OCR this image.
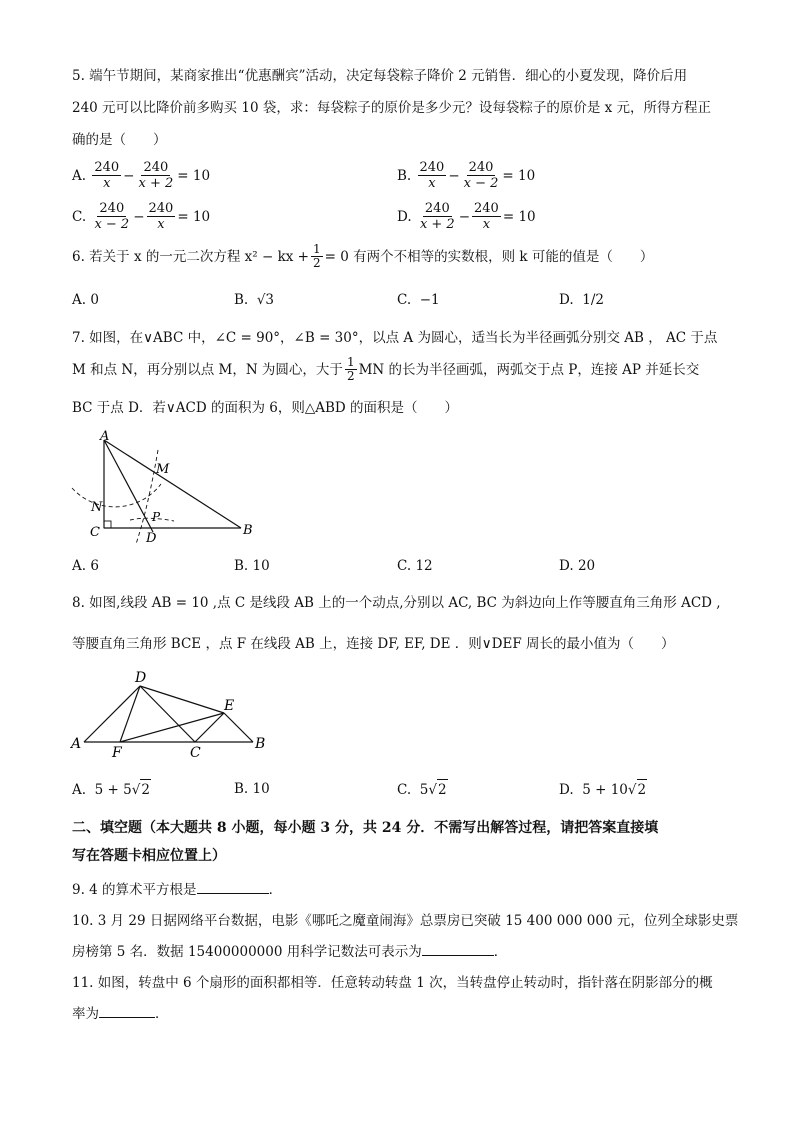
5. 端午节期间，某商家推出“优惠酬宾”活动，决定每袋粽子降价 2 元销售．细心的小夏发现，降价后用
240 元可以比降价前多购买 10 袋，求：每袋粽子的原价是多少元？设每袋粽子的原价是 x 元，所得方程正
确的是（　　）
A.
$\frac{240}{x} - \frac{240}{x + 2} = 10$	B.
$\frac{240}{x} - \frac{240}{x - 2} = 10$
C.
$\frac{240}{x - 2} - \frac{240}{x} = 10$	D.
$\frac{240}{x + 2} - \frac{240}{x} = 10$
6. 若关于 x 的一元二次方程 x² − kx + $\frac{1}{2} = 0$ 有两个不相等的实数根，则 k 可能的值是（　　）
A.
0	B.
√3	C.
−1	D.
1/2
7. 如图，在∨ABC 中，∠C = 90°，∠B = 30°，以点 A 为圆心，适当长为半径画弧分别交 AB ， AC 于点
M 和点 N，再分别以点 M，N 为圆心，大于 $\frac{1}{2}$ MN 的长为半径画弧，两弧交于点 P，连接 AP 并延长交
BC 于点 D．若∨ACD 的面积为 6，则△ABD 的面积是（　　）
A
M
N
C
P
D
B
A.
6	B.
10	C.
12	D.
20
8. 如图,线段 AB = 10 ,点 C 是线段 AB 上的一个动点,分别以 AC, BC 为斜边向上作等腰直角三角形 ACD ,
等腰直角三角形 BCE ，点 F 在线段 AB 上，连接 DF, EF, DE ．则∨DEF 周长的最小值为（　　）
D
E
A
F	C
B
A.
5 + 5 √ 2	B.
10	C.
5 √ 2	D.
5 + 10 √ 2
二、填空题（本大题共 8 小题，每小题 3 分，共 24 分．不需写出解答过程，请把答案直接填
写在答题卡相应位置上）
9. 4 的算术平方根是	．
10. 3 月 29 日据网络平台数据，电影《哪吒之魔童闹海》总票房已突破 15 400 000 000 元，位列全球影史票
房榜第 5 名．数据 15400000000 用科学记数法可表示为	．
11. 如图，转盘中 6 个扇形的面积都相等．任意转动转盘 1 次，当转盘停止转动时，指针落在阴影部分的概
率为	．
